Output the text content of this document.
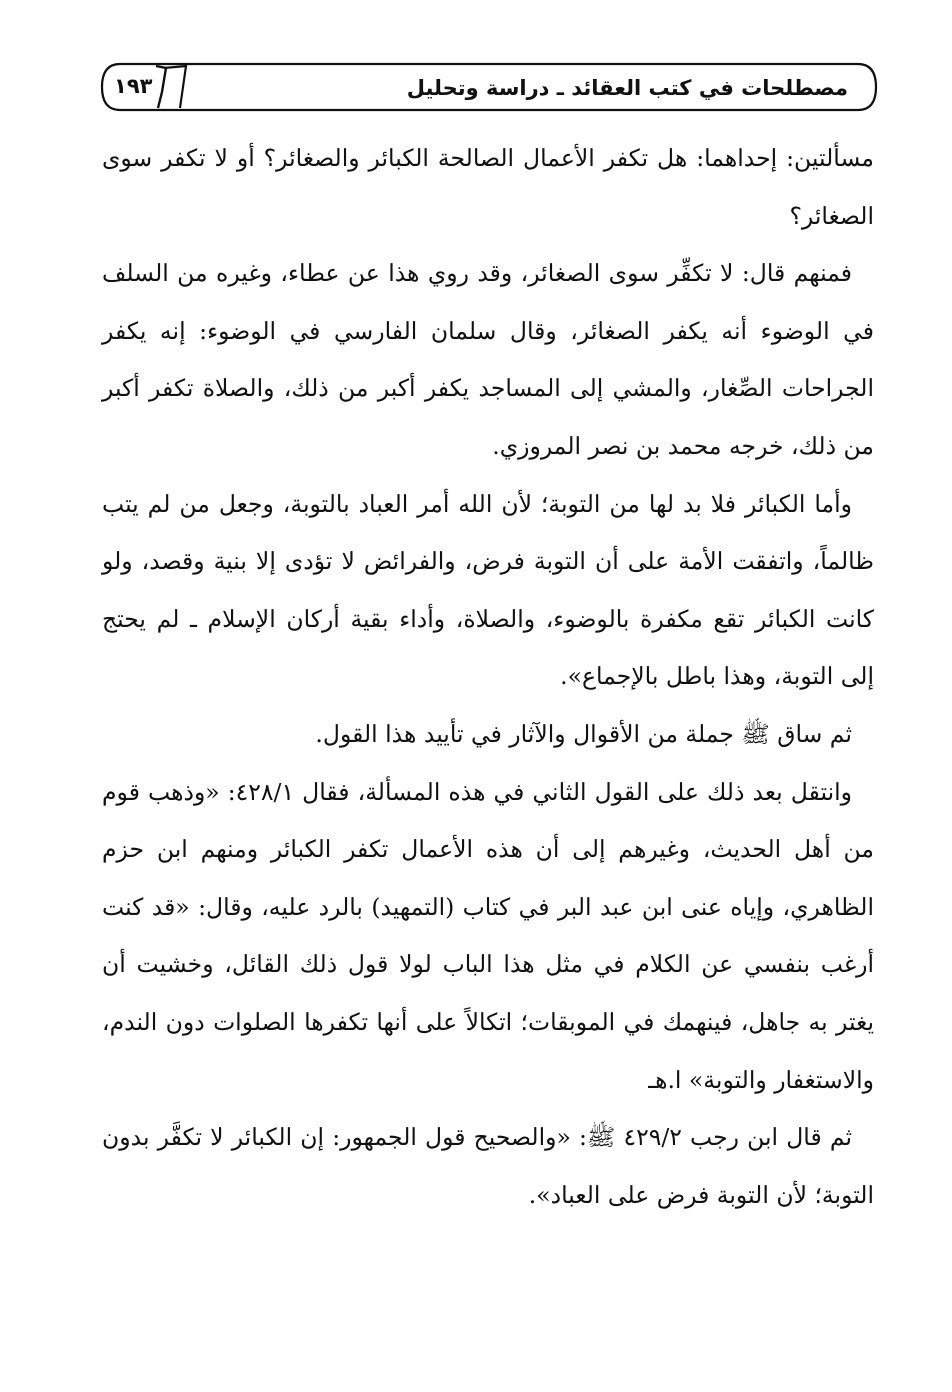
١٩٣	مصطلحات في كتب العقائد ـ دراسة وتحليل

مسألتين: إحداهما: هل تكفر الأعمال الصالحة الكبائر والصغائر؟ أو لا تكفر سوى الصغائر؟

فمنهم قال: لا تكفِّر سوى الصغائر، وقد روي هذا عن عطاء، وغيره من السلف في الوضوء أنه يكفر الصغائر، وقال سلمان الفارسي في الوضوء: إنه يكفر الجراحات الصِّغار، والمشي إلى المساجد يكفر أكبر من ذلك، والصلاة تكفر أكبر من ذلك، خرجه محمد بن نصر المروزي.

وأما الكبائر فلا بد لها من التوبة؛ لأن الله أمر العباد بالتوبة، وجعل من لم يتب ظالماً، واتفقت الأمة على أن التوبة فرض، والفرائض لا تؤدى إلا بنية وقصد، ولو كانت الكبائر تقع مكفرة بالوضوء، والصلاة، وأداء بقية أركان الإسلام ـ لم يحتج إلى التوبة، وهذا باطل بالإجماع».

ثم ساق ﷺ جملة من الأقوال والآثار في تأييد هذا القول.

وانتقل بعد ذلك على القول الثاني في هذه المسألة، فقال ٤٢٨/١: «وذهب قوم من أهل الحديث، وغيرهم إلى أن هذه الأعمال تكفر الكبائر ومنهم ابن حزم الظاهري، وإياه عنى ابن عبد البر في كتاب (التمهيد) بالرد عليه، وقال: «قد كنت أرغب بنفسي عن الكلام في مثل هذا الباب لولا قول ذلك القائل، وخشيت أن يغتر به جاهل، فينهمك في الموبقات؛ اتكالاً على أنها تكفرها الصلوات دون الندم، والاستغفار والتوبة» ا.هـ

ثم قال ابن رجب ٤٢٩/٢ ﷺ: «والصحيح قول الجمهور: إن الكبائر لا تكفَّر بدون التوبة؛ لأن التوبة فرض على العباد».
